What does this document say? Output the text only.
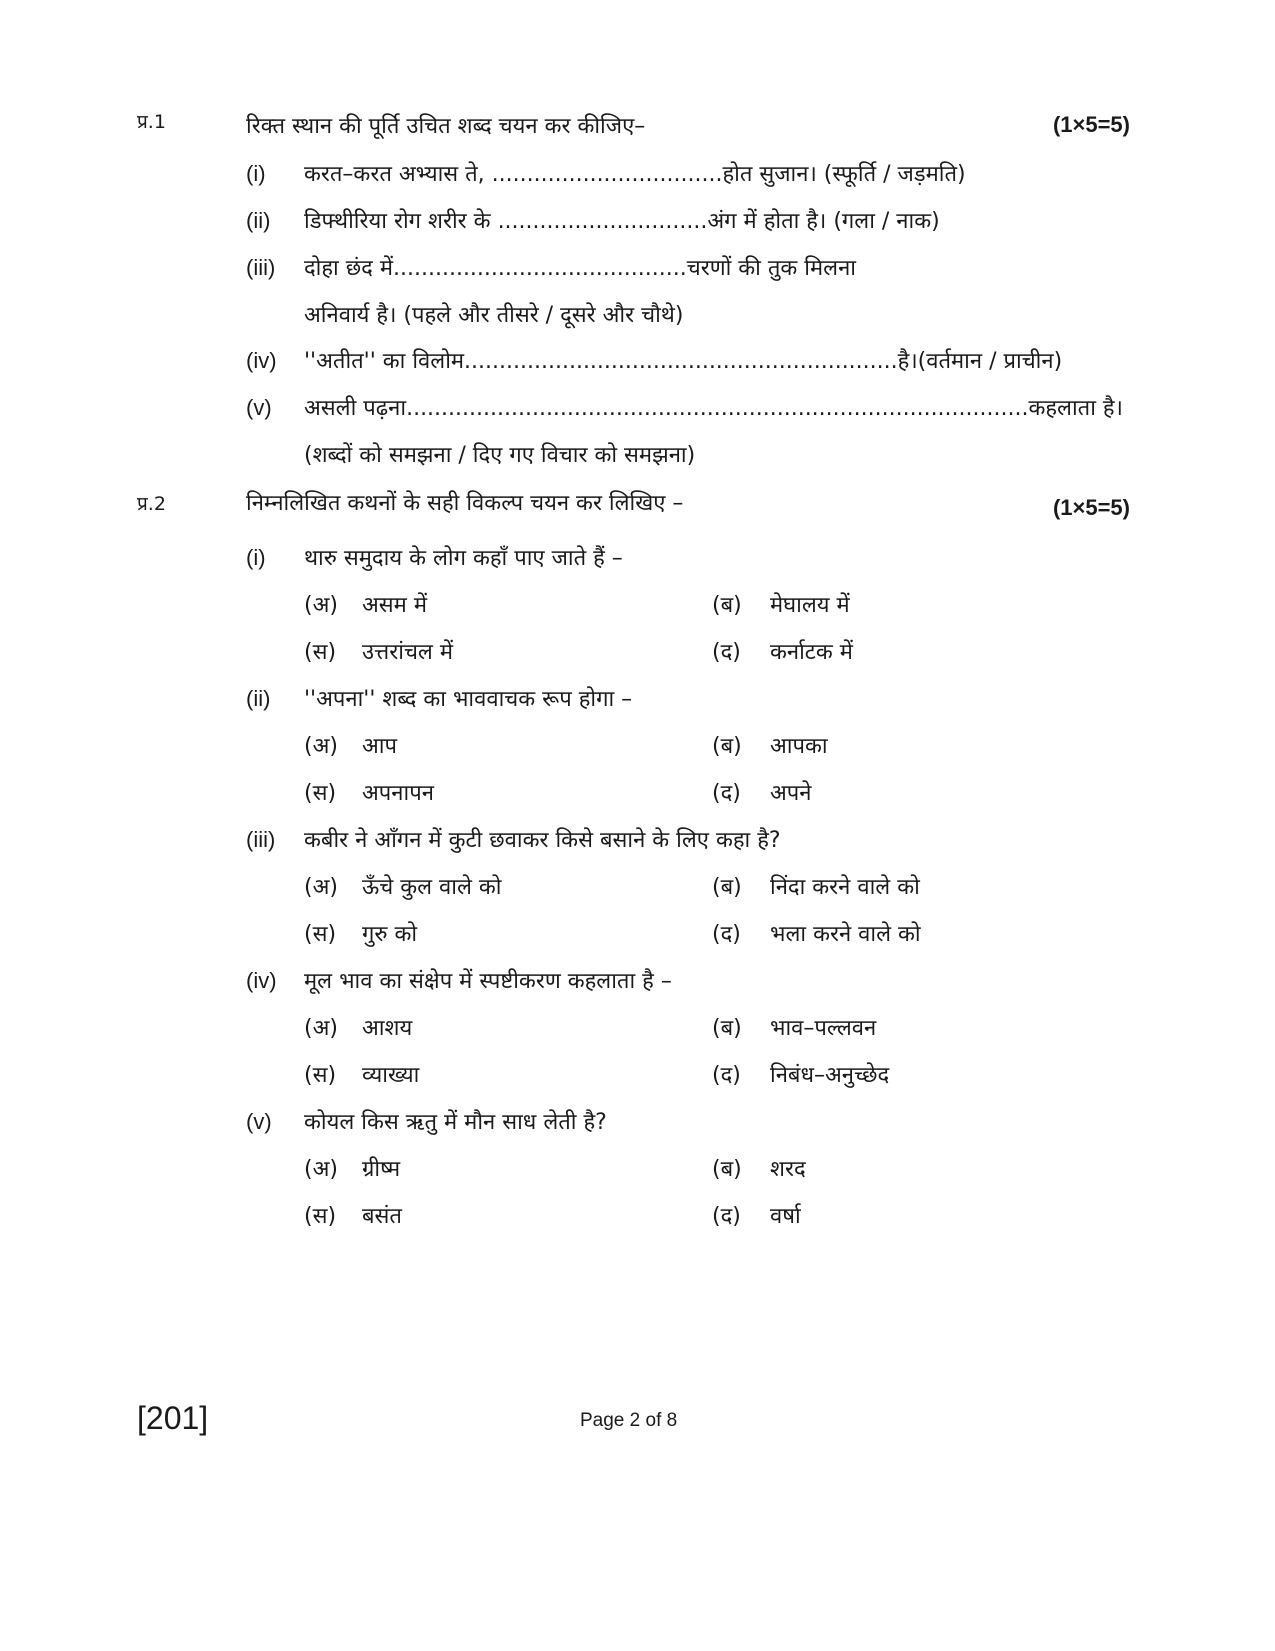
प्र.1	रिक्त स्थान की पूर्ति उचित शब्द चयन कर कीजिए–	(1×5=5)
(i) करत–करत अभ्यास ते, .................................होत सुजान। (स्फूर्ति / जड़मति)
(ii) डिफ्थीरिया रोग शरीर के ..............................अंग में होता है। (गला / नाक)
(iii) दोहा छंद में..........................................चरणों की तुक मिलना
अनिवार्य है। (पहले और तीसरे / दूसरे और चौथे)
(iv) ''अतीत'' का विलोम..............................................................है।(वर्तमान / प्राचीन)
(v) असली पढ़ना.........................................................................................कहलाता है।
(शब्दों को समझना / दिए गए विचार को समझना)
प्र.2	निम्नलिखित कथनों के सही विकल्प चयन कर लिखिए –	(1×5=5)
(i) थारु समुदाय के लोग कहाँ पाए जाते हैं –
(अ) असम में	(ब) मेघालय में
(स) उत्तरांचल में	(द) कर्नाटक में
(ii) ''अपना'' शब्द का भाववाचक रूप होगा –
(अ) आप	(ब) आपका
(स) अपनापन	(द) अपने
(iii) कबीर ने आँगन में कुटी छवाकर किसे बसाने के लिए कहा है?
(अ) ऊँचे कुल वाले को	(ब) निंदा करने वाले को
(स) गुरु को	(द) भला करने वाले को
(iv) मूल भाव का संक्षेप में स्पष्टीकरण कहलाता है –
(अ) आशय	(ब) भाव–पल्लवन
(स) व्याख्या	(द) निबंध–अनुच्छेद
(v) कोयल किस ऋतु में मौन साध लेती है?
(अ) ग्रीष्म	(ब) शरद
(स) बसंत	(द) वर्षा
[201]	Page 2 of 8
